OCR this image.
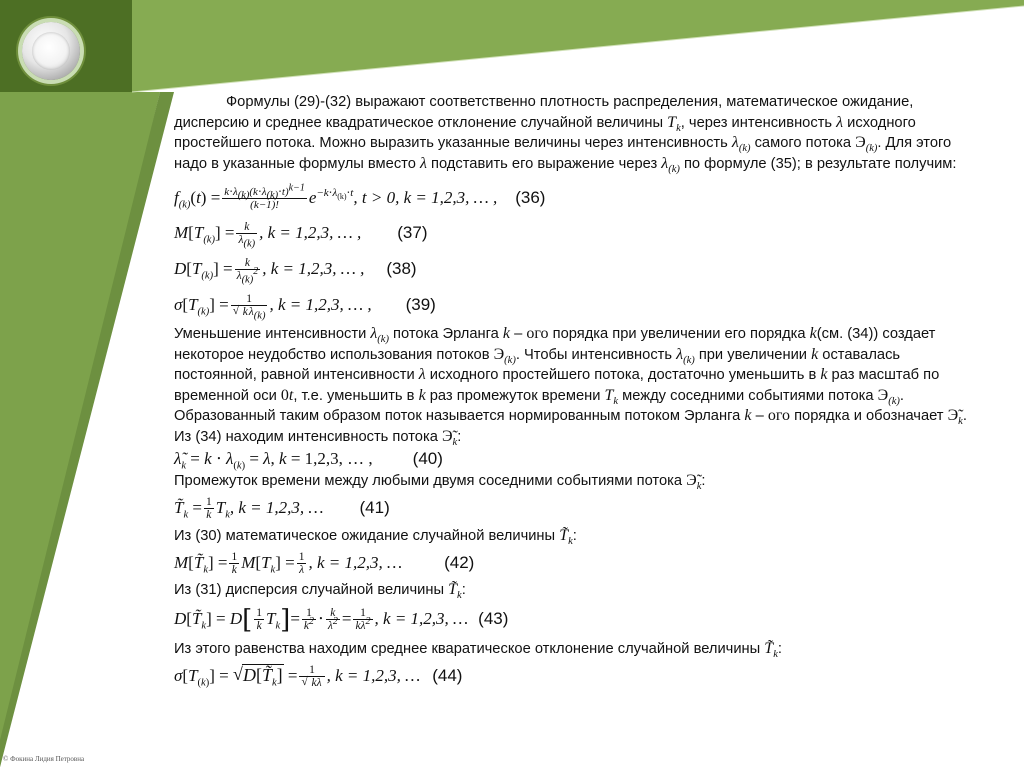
© Фокина Лидия Петровна

Формулы (29)-(32) выражают соответственно плотность распределения, математическое ожидание, дисперсию и среднее квадратическое отклонение случайной величины $T_k$, через интенсивность λ исходного простейшего потока. Можно выразить указанные величины через интенсивность $\lambda_{(k)}$ самого потока $Э_{(k)}$. Для этого надо в указанные формулы вместо λ подставить его выражение через $\lambda_{(k)}$ по формуле (35); в результате получим:

$f_{(k)}(t) = \frac{k\cdot\lambda_{(k)}(k\cdot\lambda_{(k)}\cdot t)^{k-1}}{(k-1)!} e^{-k\cdot\lambda_{(k)}\cdot t}$, t > 0, k = 1,2,3, … , (36)
$M[T_{(k)}] = \frac{k}{\lambda_{(k)}}$ , k = 1,2,3, … , (37)
$D[T_{(k)}] = \frac{k}{\lambda_{(k)}^2}$ , k = 1,2,3, … , (38)
$\sigma[T_{(k)}] = 1$
√ $k\lambda_{(k)}$ , k = 1,2,3, … , (39)

Уменьшение интенсивности $\lambda_{(k)}$ потока Эрланга k – ого порядка при увеличении его порядка k(см. (34)) создает некоторое неудобство использования потоков $Э_{(k)}$. Чтобы интенсивность $\lambda_{(k)}$ при увеличении k оставалась постоянной, равной интенсивности λ исходного простейшего потока, достаточно уменьшить в k раз масштаб по временной оси 0t, т.е. уменьшить в k раз промежуток времени $T_k$ между соседними событиями потока $Э_{(k)}$. Образованный таким образом поток называется нормированным потоком Эрланга k – ого порядка и обозначает $Э̃_k$.

Из (34) находим интенсивность потока $Э̃_k$:

$\lambdã_k = k \cdot \lambda_{(k)} = \lambda$, k = 1,2,3, … , (40)

Промежуток времени между любыми двумя соседними событиями потока $Э̃_k$:

$T̃_k = \frac{1}{k} T_k$, k = 1,2,3, … (41)

Из (30) математическое ожидание случайной величины $T̃_k$:

$M[T̃_k] = \frac{1}{k} M[T_k] = \frac{1}{\lambda}$ , k = 1,2,3, … (42)

Из (31) дисперсия случайной величины $T̃_k$:

$D[T̃_k] = D$ [ $\frac{1}{k} T_k$ ] = $\frac{1}{k^2} \cdot \frac{k}{\lambda^2} = \frac{1}{k\lambda^2}$ , k = 1,2,3, … (43)

Из этого равенства находим среднее кваратическое отклонение случайной величины $T̃_k$:

$\sigma[T_{(k)}]$ = √ $D[T̃_k] = 1$
√ kλ , k = 1,2,3, … (44)
